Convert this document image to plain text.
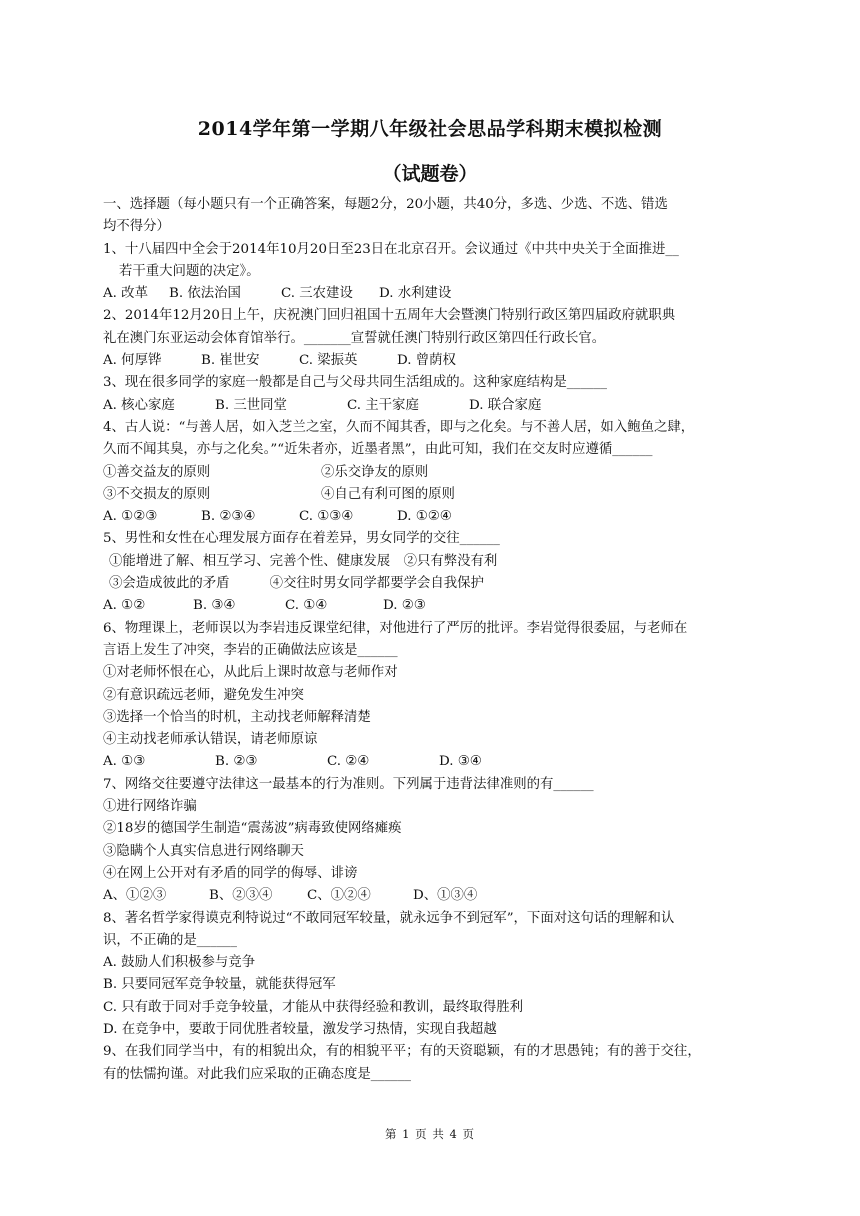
2014学年第一学期八年级社会思品学科期末模拟检测
（试题卷）
一、选择题（每小题只有一个正确答案，每题2分，20小题，共40分，多选、少选、不选、错选
均不得分）
1、十八届四中全会于2014年10月20日至23日在北京召开。会议通过《中共中央关于全面推进__
若干重大问题的决定》。
A. 改革	B. 依法治国	C. 三农建设	D. 水利建设
2、2014年12月20日上午，庆祝澳门回归祖国十五周年大会暨澳门特别行政区第四届政府就职典
礼在澳门东亚运动会体育馆举行。_______宣誓就任澳门特别行政区第四任行政长官。
A. 何厚铧	B. 崔世安	C. 梁振英	D. 曾荫权
3、现在很多同学的家庭一般都是自己与父母共同生活组成的。这种家庭结构是______
A. 核心家庭	B. 三世同堂	C. 主干家庭	D. 联合家庭
4、古人说：“与善人居，如入芝兰之室，久而不闻其香，即与之化矣。与不善人居，如入鲍鱼之肆，
久而不闻其臭，亦与之化矣。”“近朱者亦，近墨者黑”，由此可知，我们在交友时应遵循______
①善交益友的原则	②乐交诤友的原则
③不交损友的原则	④自己有利可图的原则
A. ①②③	B. ②③④	C. ①③④	D. ①②④
5、男性和女性在心理发展方面存在着差异，男女同学的交往______
①能增进了解、相互学习、完善个性、健康发展　②只有弊没有利
③会造成彼此的矛盾　　　④交往时男女同学都要学会自我保护
A. ①②	B. ③④	C. ①④	D. ②③
6、物理课上，老师误以为李岩违反课堂纪律，对他进行了严厉的批评。李岩觉得很委屈，与老师在
言语上发生了冲突，李岩的正确做法应该是______
①对老师怀恨在心，从此后上课时故意与老师作对
②有意识疏远老师，避免发生冲突
③选择一个恰当的时机，主动找老师解释清楚
④主动找老师承认错误，请老师原谅
A. ①③	B. ②③	C. ②④	D. ③④
7、网络交往要遵守法律这一最基本的行为准则。下列属于违背法律准则的有______
①进行网络诈骗
②18岁的德国学生制造“震荡波”病毒致使网络瘫痪
③隐瞒个人真实信息进行网络聊天
④在网上公开对有矛盾的同学的侮辱、诽谤
A、①②③	B、②③④	C、①②④	D、①③④
8、著名哲学家得谟克利特说过“不敢同冠军较量，就永远争不到冠军”，下面对这句话的理解和认
识，不正确的是______
A. 鼓励人们积极参与竞争
B. 只要同冠军竞争较量，就能获得冠军
C. 只有敢于同对手竞争较量，才能从中获得经验和教训，最终取得胜利
D. 在竞争中，要敢于同优胜者较量，激发学习热情，实现自我超越
9、在我们同学当中，有的相貌出众，有的相貌平平；有的天资聪颖，有的才思愚钝；有的善于交往，
有的怯懦拘谨。对此我们应采取的正确态度是______
第 1 页 共 4 页
